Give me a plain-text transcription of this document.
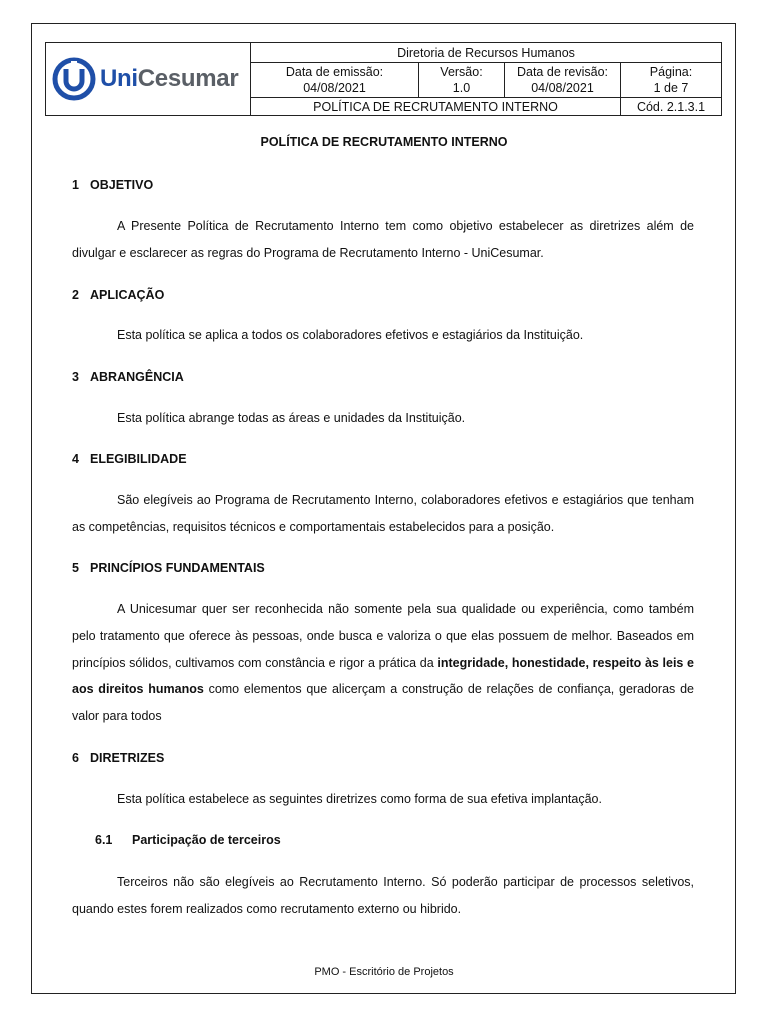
UniCesumar
Diretoria de Recursos Humanos
Data de emissão:
04/08/2021
Versão:
1.0
Data de revisão:
04/08/2021
Página:
1 de 7
POLÍTICA DE RECRUTAMENTO INTERNO	Cód. 2.1.3.1
POLÍTICA DE RECRUTAMENTO INTERNO
1 OBJETIVO

A Presente Política de Recrutamento Interno tem como objetivo estabelecer as diretrizes além de divulgar e esclarecer as regras do Programa de Recrutamento Interno - UniCesumar.

2 APLICAÇÃO

Esta política se aplica a todos os colaboradores efetivos e estagiários da Instituição.

3 ABRANGÊNCIA

Esta política abrange todas as áreas e unidades da Instituição.

4 ELEGIBILIDADE

São elegíveis ao Programa de Recrutamento Interno, colaboradores efetivos e estagiários que tenham as competências, requisitos técnicos e comportamentais estabelecidos para a posição.

5 PRINCÍPIOS FUNDAMENTAIS

A Unicesumar quer ser reconhecida não somente pela sua qualidade ou experiência, como também pelo tratamento que oferece às pessoas, onde busca e valoriza o que elas possuem de melhor. Baseados em princípios sólidos, cultivamos com constância e rigor a prática da integridade, honestidade, respeito às leis e aos direitos humanos como elementos que alicerçam a construção de relações de confiança, geradoras de valor para todos

6 DIRETRIZES

Esta política estabelece as seguintes diretrizes como forma de sua efetiva implantação.

6.1 Participação de terceiros

Terceiros não são elegíveis ao Recrutamento Interno. Só poderão participar de processos seletivos, quando estes forem realizados como recrutamento externo ou hibrido.

PMO - Escritório de Projetos
